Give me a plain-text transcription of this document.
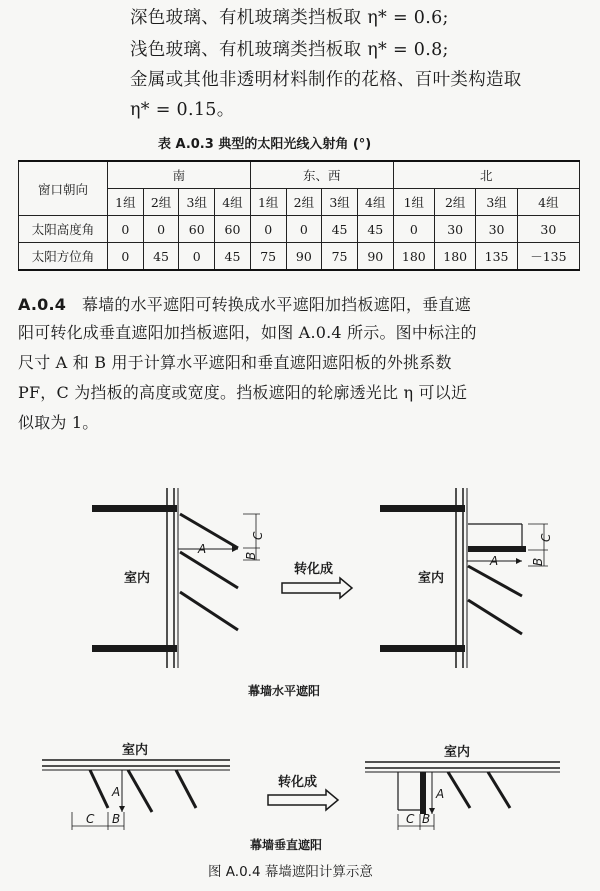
深色玻璃、有机玻璃类挡板取 η* = 0.6;
浅色玻璃、有机玻璃类挡板取 η* = 0.8;
金属或其他非透明材料制作的花格、百叶类构造取
η* = 0.15。
表 A.0.3 典型的太阳光线入射角 (°)
窗口朝向	南				东、西				北			
	1组	2组	3组	4组	1组	2组	3组	4组	1组	2组	3组	4组
太阳高度角	0	0	60	60	0	0	45	45	0	30	30	30
太阳方位角	0	45	0	45	75	90	75	90	180	180	135	－135
A.0.4 幕墙的水平遮阳可转换成水平遮阳加挡板遮阳，垂直遮
阳可转化成垂直遮阳加挡板遮阳，如图 A.0.4 所示。图中标注的
尺寸 A 和 B 用于计算水平遮阳和垂直遮阳遮阳板的外挑系数
PF，C 为挡板的高度或宽度。挡板遮阳的轮廓透光比 η 可以近
似取为 1。
A	B
C
室内
转化成
A	B
C
室内
幕墙水平遮阳
室内
A
C B
转化成
室内
A
C B
幕墙垂直遮阳
图 A.0.4 幕墙遮阳计算示意
